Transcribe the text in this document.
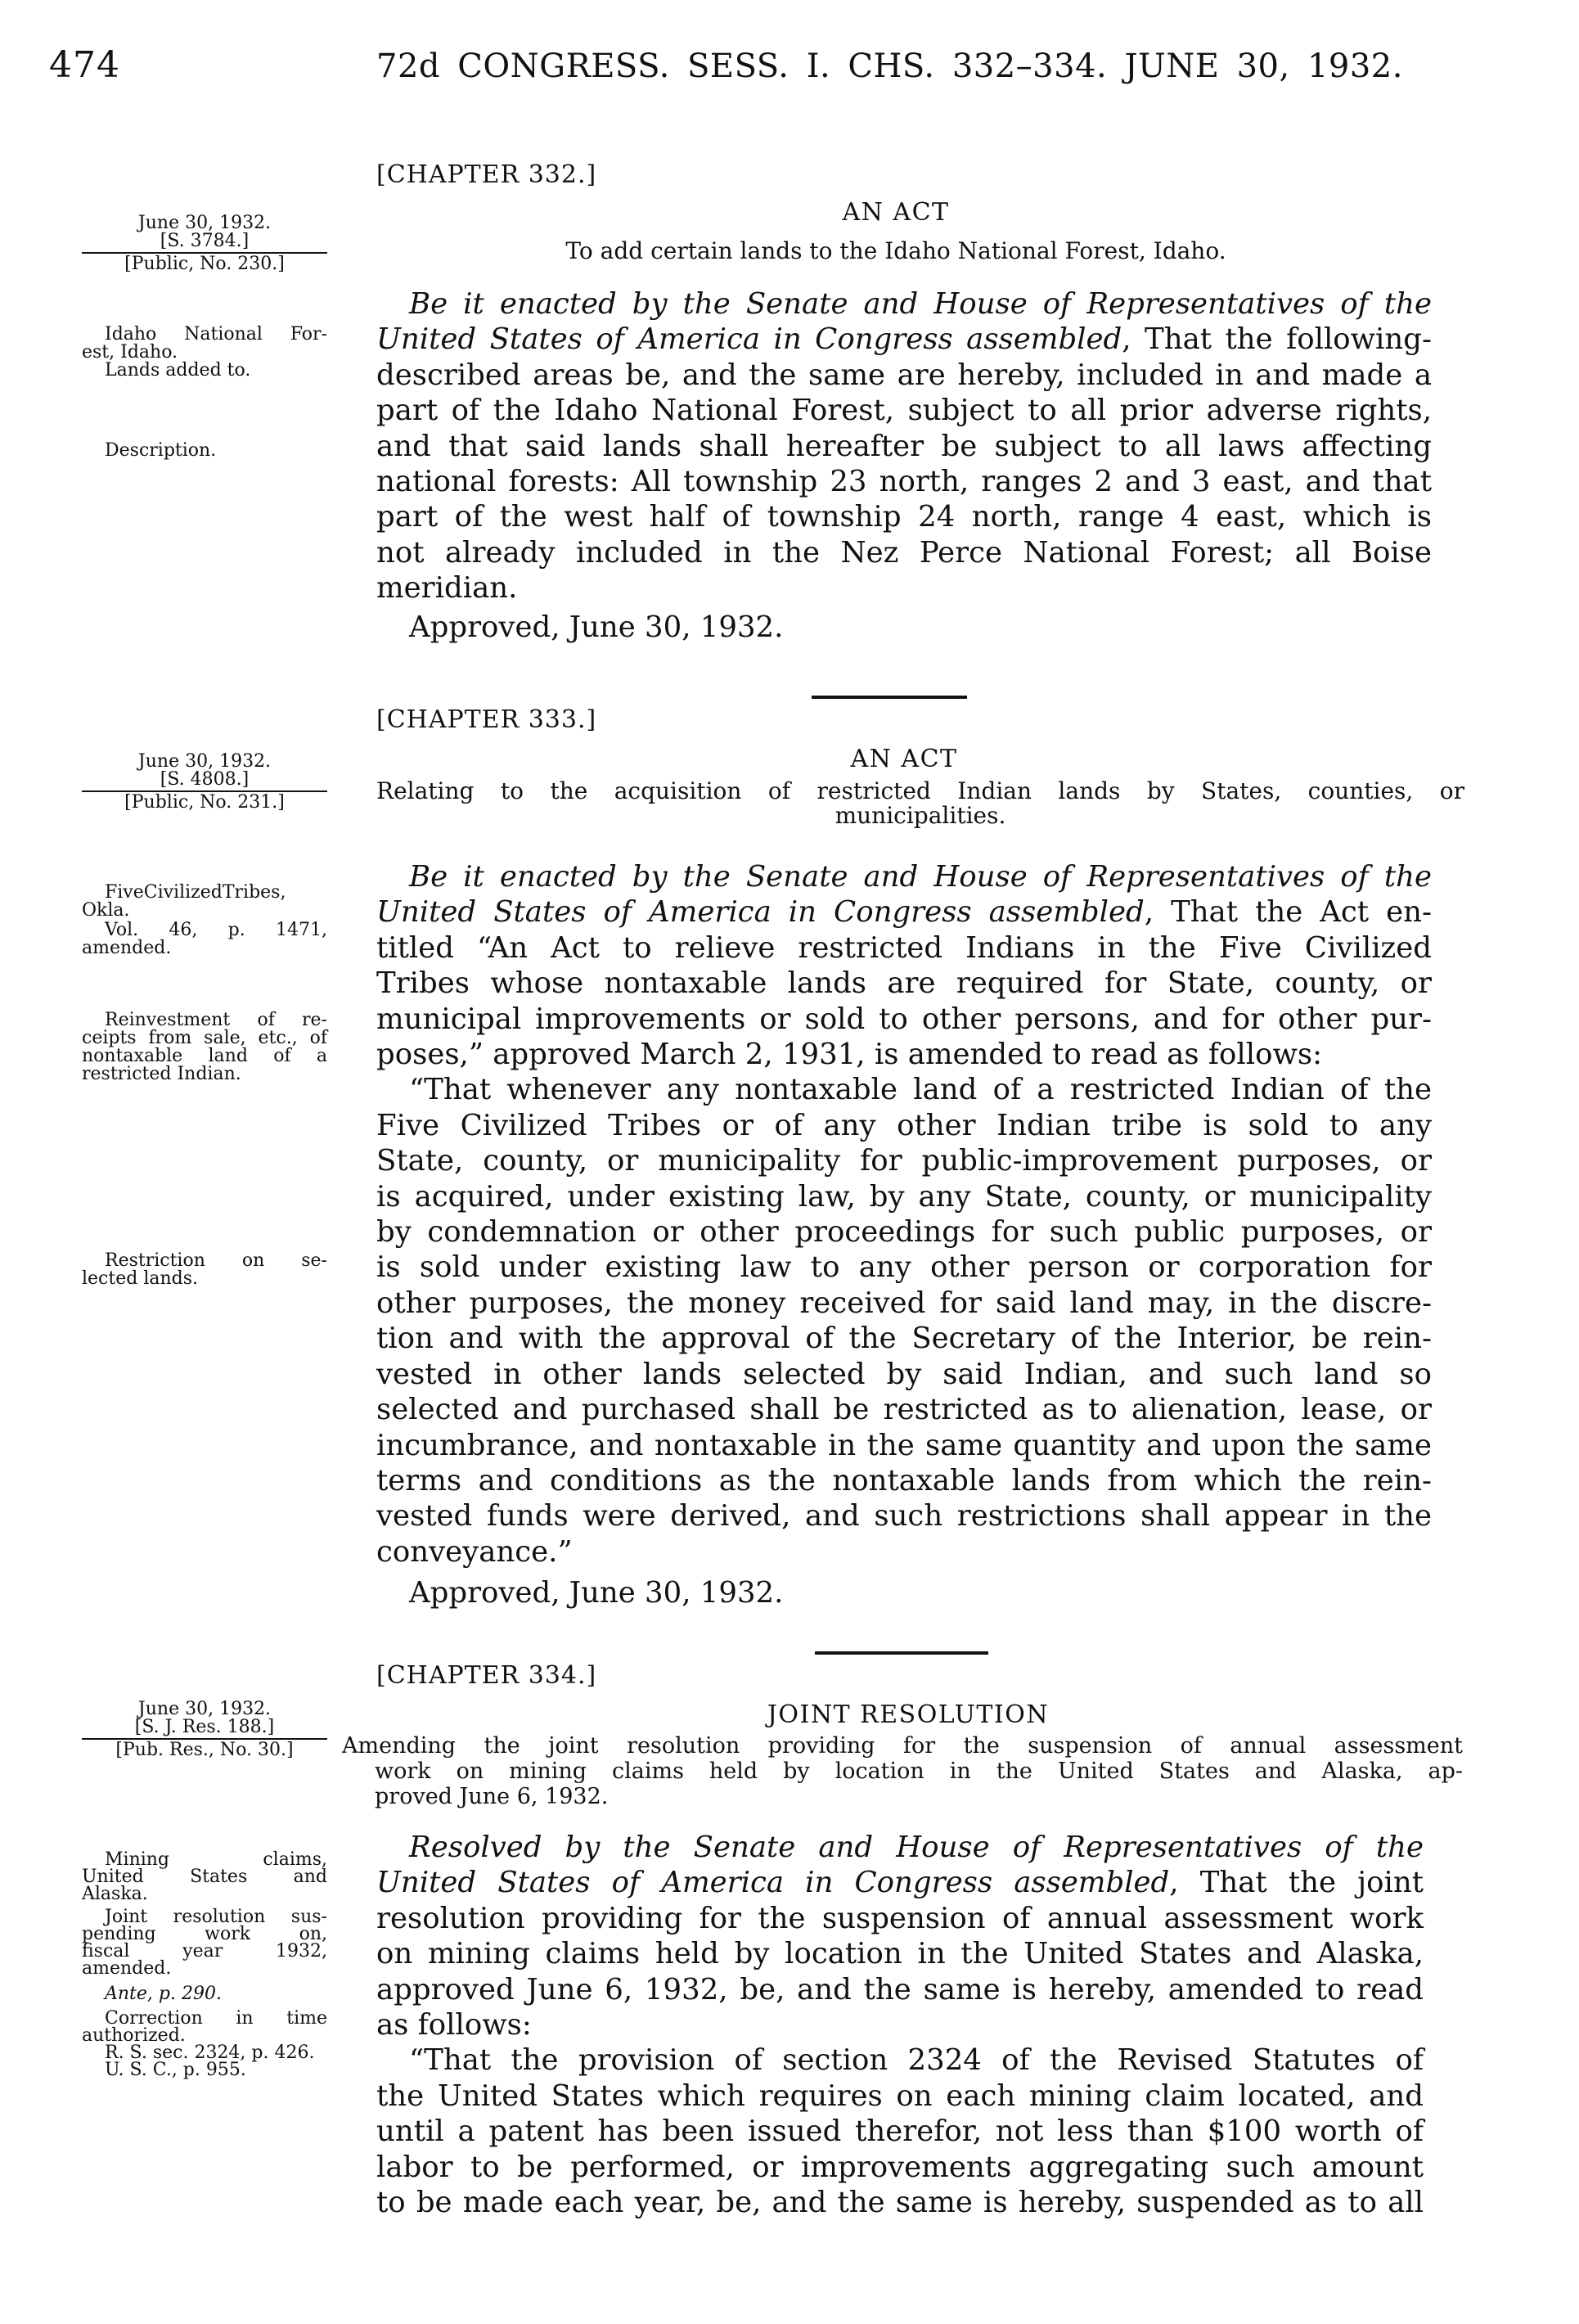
474	72d CONGRESS. SESS. I. CHS. 332–334. JUNE 30, 1932.
[CHAPTER 332.]
AN ACT
To add certain lands to the Idaho National Forest, Idaho.
June 30, 1932.
[S. 3784.]
[Public, No. 230.]
Idaho National For-
est, Idaho.
Lands added to.
Description.
Be it enacted by the Senate and House of Representatives of the
United States of America in Congress assembled, That the following-
described areas be, and the same are hereby, included in and made a
part of the Idaho National Forest, subject to all prior adverse rights,
and that said lands shall hereafter be subject to all laws affecting
national forests: All township 23 north, ranges 2 and 3 east, and that
part of the west half of township 24 north, range 4 east, which is
not already included in the Nez Perce National Forest; all Boise
meridian.
Approved, June 30, 1932.
[CHAPTER 333.]
AN ACT
Relating to the acquisition of restricted Indian lands by States, counties, or
municipalities.
June 30, 1932.
[S. 4808.]
[Public, No. 231.]
FiveCivilizedTribes,
Okla.
Vol. 46, p. 1471,
amended.
Reinvestment of re-
ceipts from sale, etc., of
nontaxable land of a
restricted Indian.
Restriction on se-
lected lands.
Be it enacted by the Senate and House of Representatives of the
United States of America in Congress assembled, That the Act en-
titled “An Act to relieve restricted Indians in the Five Civilized
Tribes whose nontaxable lands are required for State, county, or
municipal improvements or sold to other persons, and for other pur-
poses,” approved March 2, 1931, is amended to read as follows:
“That whenever any nontaxable land of a restricted Indian of the
Five Civilized Tribes or of any other Indian tribe is sold to any
State, county, or municipality for public-improvement purposes, or
is acquired, under existing law, by any State, county, or municipality
by condemnation or other proceedings for such public purposes, or
is sold under existing law to any other person or corporation for
other purposes, the money received for said land may, in the discre-
tion and with the approval of the Secretary of the Interior, be rein-
vested in other lands selected by said Indian, and such land so
selected and purchased shall be restricted as to alienation, lease, or
incumbrance, and nontaxable in the same quantity and upon the same
terms and conditions as the nontaxable lands from which the rein-
vested funds were derived, and such restrictions shall appear in the
conveyance.”
Approved, June 30, 1932.
[CHAPTER 334.]
JOINT RESOLUTION
Amending the joint resolution providing for the suspension of annual assessment
work on mining claims held by location in the United States and Alaska, ap-
proved June 6, 1932.
June 30, 1932.
[S. J. Res. 188.]
[Pub. Res., No. 30.]
Mining claims,
United States and
Alaska.
Joint resolution sus-
pending work on,
fiscal year 1932,
amended.
Ante, p. 290.
Correction in time
authorized.
R. S. sec. 2324, p. 426.
U. S. C., p. 955.
Resolved by the Senate and House of Representatives of the
United States of America in Congress assembled, That the joint
resolution providing for the suspension of annual assessment work
on mining claims held by location in the United States and Alaska,
approved June 6, 1932, be, and the same is hereby, amended to read
as follows:
“That the provision of section 2324 of the Revised Statutes of
the United States which requires on each mining claim located, and
until a patent has been issued therefor, not less than $100 worth of
labor to be performed, or improvements aggregating such amount
to be made each year, be, and the same is hereby, suspended as to all
